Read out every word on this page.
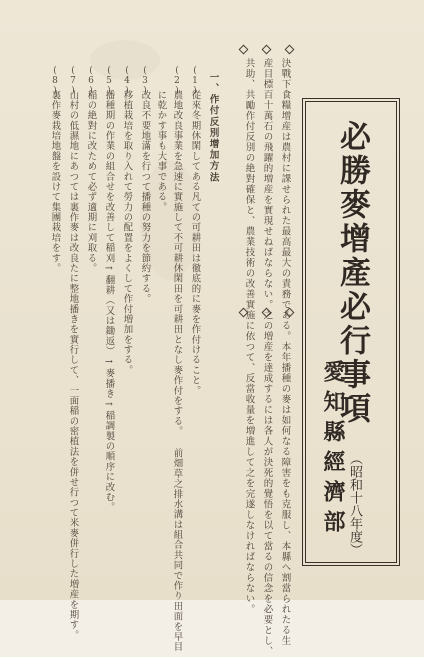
必勝麥增產必行事項
愛知縣經濟部 （昭和十八年度）
決戰下食糧增産は農村に課せられた最高最大の責務である。本年播種の麥は如何なる障害をも克服し、本縣へ割當られたる生
産目標百十萬石の飛躍的増産を實現せねばならない。之の増産を達成するには各人が決死的覺悟を以て當るの信念を必要とし、
共助、共勵作付反別の絶對確保と、農業技術の改善實施に依つて、反當收量を増進して之を完遂しなければならない。
一、作付反別增加方法
(1)
從來冬期休閑してある凡ての可耕田は徹底的に麥を作付けること。
(2)
農地改良事業を急速に實施して不可耕休閑田を可耕田となし麥作付をする。 前畑草之排水溝は組合共同で作り田面を早目
に乾かす事も大事である。
(3)
改良不要地滿を行つて播種の努力を節約する。
(4)
移植栽培を取り入れて勞力の配置をよくして作付増加をする。
(5)
播種期の作業の組合せを改善して稲刈→翻耕（又は鋤返）→麥播き→稲調製の順序に改む。
(6)
稲の絶對に改ためて必ず適期に刈取る。
(7)
山村の低濕地にあつては裏作麥は改良たに整地播きを實行して、一面稲の密植法を併せ行つて米麥併行した増産を期す。
(8)
裏作麥栽培地盤を設けて集團栽培をす。
